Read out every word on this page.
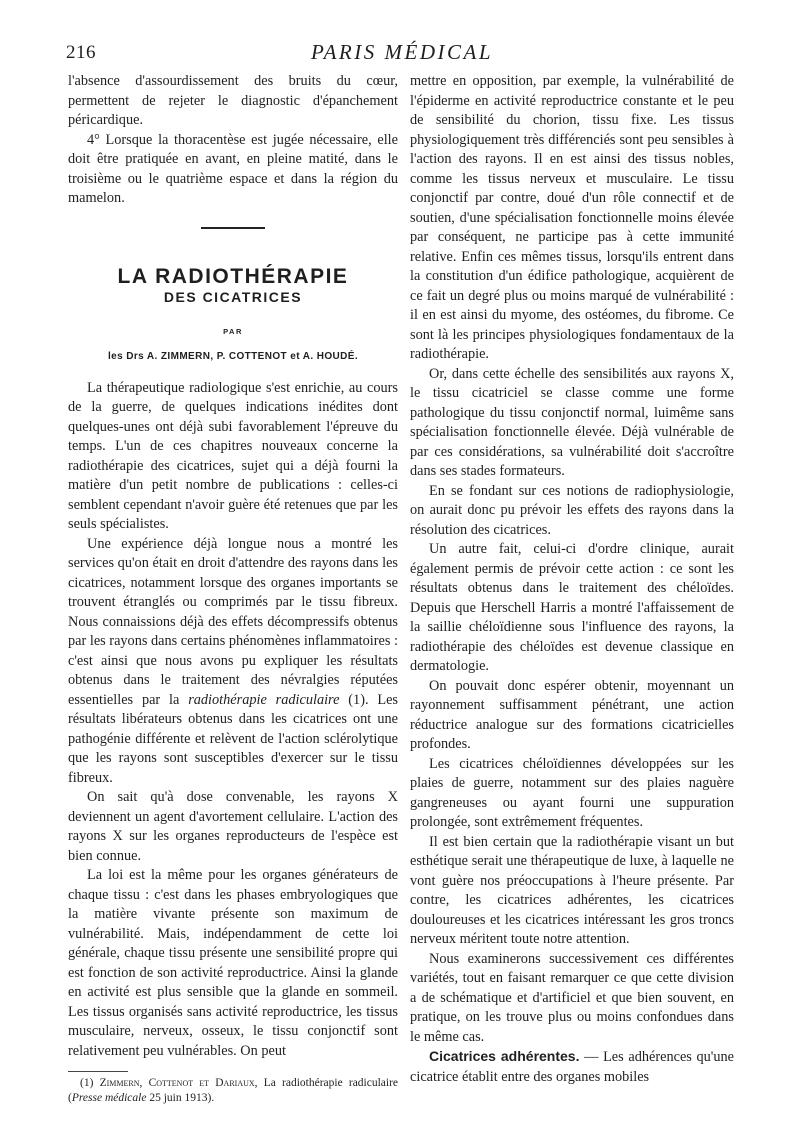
216	PARIS MÉDICAL

l'absence d'assourdissement des bruits du cœur, permettent de rejeter le diagnostic d'épanchement péricardique.

4° Lorsque la thoracentèse est jugée nécessaire, elle doit être pratiquée en avant, en pleine matité, dans le troisième ou le quatrième espace et dans la région du mamelon.

LA RADIOTHÉRAPIE
DES CICATRICES
PAR
les Drs A. ZIMMERN, P. COTTENOT et A. HOUDÉ.

La thérapeutique radiologique s'est enrichie, au cours de la guerre, de quelques indications inédites dont quelques-unes ont déjà subi favorablement l'épreuve du temps. L'un de ces chapitres nouveaux concerne la radiothérapie des cicatrices, sujet qui a déjà fourni la matière d'un petit nombre de publications : celles-ci semblent cependant n'avoir guère été retenues que par les seuls spécialistes.

Une expérience déjà longue nous a montré les services qu'on était en droit d'attendre des rayons dans les cicatrices, notamment lorsque des organes importants se trouvent étranglés ou comprimés par le tissu fibreux. Nous connaissions déjà des effets décompressifs obtenus par les rayons dans certains phénomènes inflammatoires : c'est ainsi que nous avons pu expliquer les résultats obtenus dans le traitement des névralgies réputées essentielles par la radiothérapie radiculaire (1). Les résultats libérateurs obtenus dans les cicatrices ont une pathogénie différente et relèvent de l'action sclérolytique que les rayons sont susceptibles d'exercer sur le tissu fibreux.

On sait qu'à dose convenable, les rayons X deviennent un agent d'avortement cellulaire. L'action des rayons X sur les organes reproducteurs de l'espèce est bien connue.

La loi est la même pour les organes générateurs de chaque tissu : c'est dans les phases embryologiques que la matière vivante présente son maximum de vulnérabilité. Mais, indépendamment de cette loi générale, chaque tissu présente une sensibilité propre qui est fonction de son activité reproductrice. Ainsi la glande en activité est plus sensible que la glande en sommeil. Les tissus organisés sans activité reproductrice, les tissus musculaire, nerveux, osseux, le tissu conjonctif sont relativement peu vulnérables. On peut

(1) Zimmern, Cottenot et Dariaux, La radiothérapie radiculaire (Presse médicale 25 juin 1913).

mettre en opposition, par exemple, la vulnérabilité de l'épiderme en activité reproductrice constante et le peu de sensibilité du chorion, tissu fixe. Les tissus physiologiquement très différenciés sont peu sensibles à l'action des rayons. Il en est ainsi des tissus nobles, comme les tissus nerveux et musculaire. Le tissu conjonctif par contre, doué d'un rôle connectif et de soutien, d'une spécialisation fonctionnelle moins élevée par conséquent, ne participe pas à cette immunité relative. Enfin ces mêmes tissus, lorsqu'ils entrent dans la constitution d'un édifice pathologique, acquièrent de ce fait un degré plus ou moins marqué de vulnérabilité : il en est ainsi du myome, des ostéomes, du fibrome. Ce sont là les principes physiologiques fondamentaux de la radiothérapie.

Or, dans cette échelle des sensibilités aux rayons X, le tissu cicatriciel se classe comme une forme pathologique du tissu conjonctif normal, luimême sans spécialisation fonctionnelle élevée. Déjà vulnérable de par ces considérations, sa vulnérabilité doit s'accroître dans ses stades formateurs.

En se fondant sur ces notions de radiophysiologie, on aurait donc pu prévoir les effets des rayons dans la résolution des cicatrices.

Un autre fait, celui-ci d'ordre clinique, aurait également permis de prévoir cette action : ce sont les résultats obtenus dans le traitement des chéloïdes. Depuis que Herschell Harris a montré l'affaissement de la saillie chéloïdienne sous l'influence des rayons, la radiothérapie des chéloïdes est devenue classique en dermatologie.

On pouvait donc espérer obtenir, moyennant un rayonnement suffisamment pénétrant, une action réductrice analogue sur des formations cicatricielles profondes.

Les cicatrices chéloïdiennes développées sur les plaies de guerre, notamment sur des plaies naguère gangreneuses ou ayant fourni une suppuration prolongée, sont extrêmement fréquentes.

Il est bien certain que la radiothérapie visant un but esthétique serait une thérapeutique de luxe, à laquelle ne vont guère nos préoccupations à l'heure présente. Par contre, les cicatrices adhérentes, les cicatrices douloureuses et les cicatrices intéressant les gros troncs nerveux méritent toute notre attention.

Nous examinerons successivement ces différentes variétés, tout en faisant remarquer ce que cette division a de schématique et d'artificiel et que bien souvent, en pratique, on les trouve plus ou moins confondues dans le même cas.

Cicatrices adhérentes. — Les adhérences qu'une cicatrice établit entre des organes mobiles
